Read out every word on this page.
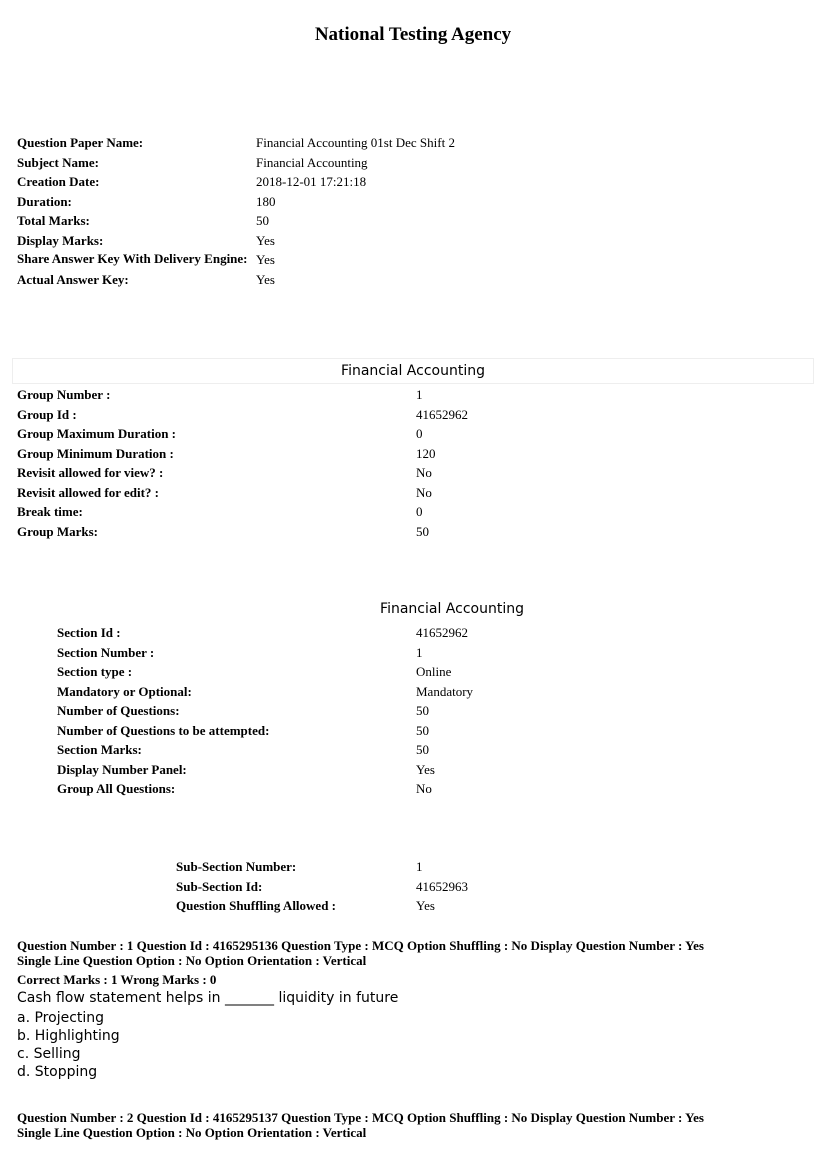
National Testing Agency
Question Paper Name:	Financial Accounting 01st Dec Shift 2
Subject Name:	Financial Accounting
Creation Date:	2018-12-01 17:21:18
Duration:	180
Total Marks:	50
Display Marks:	Yes
Share Answer Key With Delivery Engine: Yes
Actual Answer Key:	Yes
Financial Accounting
Group Number :	1
Group Id :	41652962
Group Maximum Duration :	0
Group Minimum Duration :	120
Revisit allowed for view? :	No
Revisit allowed for edit? :	No
Break time:	0
Group Marks:	50
Financial Accounting
Section Id :	41652962
Section Number :	1
Section type :	Online
Mandatory or Optional:	Mandatory
Number of Questions:	50
Number of Questions to be attempted:	50
Section Marks:	50
Display Number Panel:	Yes
Group All Questions:	No
Sub-Section Number:	1
Sub-Section Id:	41652963
Question Shuffling Allowed :	Yes
Question Number : 1 Question Id : 4165295136 Question Type : MCQ Option Shuffling : No Display Question Number : Yes
Single Line Question Option : No Option Orientation : Vertical
Correct Marks : 1 Wrong Marks : 0
Cash flow statement helps in _______ liquidity in future
a. Projecting
b. Highlighting
c. Selling
d. Stopping
Question Number : 2 Question Id : 4165295137 Question Type : MCQ Option Shuffling : No Display Question Number : Yes
Single Line Question Option : No Option Orientation : Vertical
